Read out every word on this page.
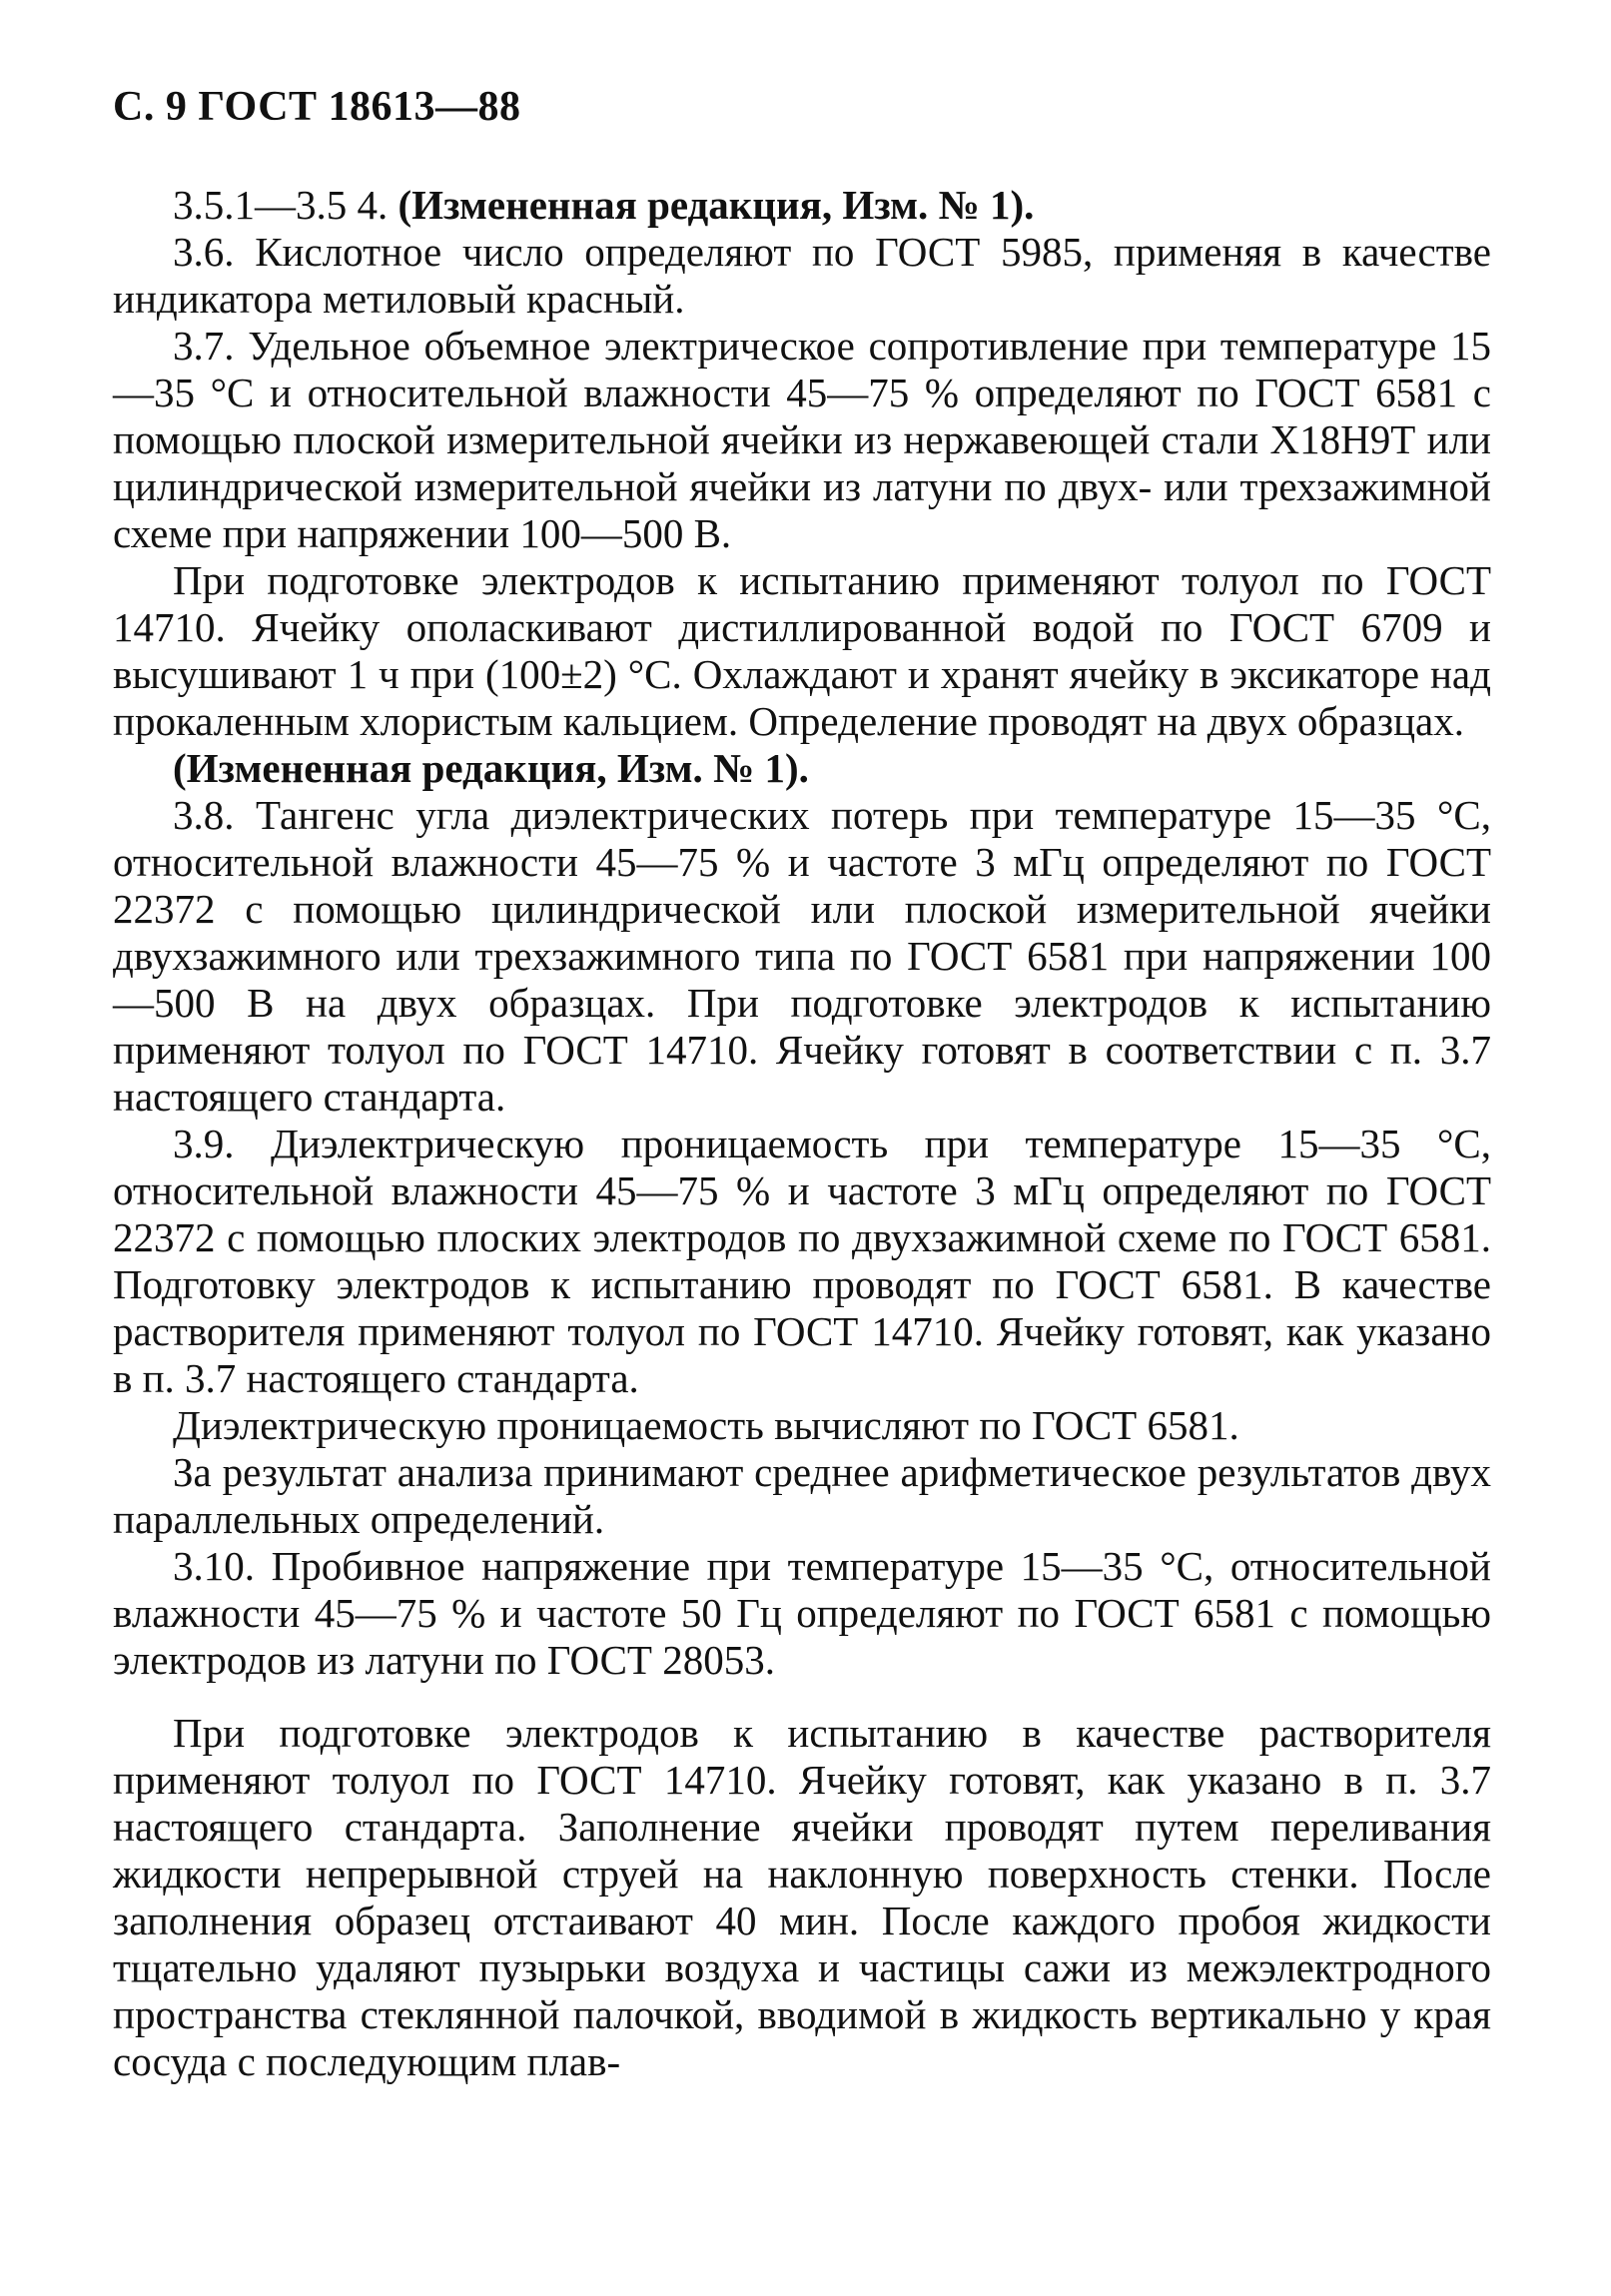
С. 9 ГОСТ 18613—88

3.5.1—3.5 4. (Измененная редакция, Изм. № 1).

3.6. Кислотное число определяют по ГОСТ 5985, применяя в качестве индикатора метиловый красный.

3.7. Удельное объемное электрическое сопротивление при температуре 15—35 °C и относительной влажности 45—75 % определяют по ГОСТ 6581 с помощью плоской измерительной ячейки из нержавеющей стали Х18Н9Т или цилиндрической измерительной ячейки из латуни по двух- или трехзажимной схеме при напряжении 100—500 В.

При подготовке электродов к испытанию применяют толуол по ГОСТ 14710. Ячейку ополаскивают дистиллированной водой по ГОСТ 6709 и высушивают 1 ч при (100±2) °C. Охлаждают и хранят ячейку в эксикаторе над прокаленным хлористым кальцием. Определение проводят на двух образцах.

(Измененная редакция, Изм. № 1).

3.8. Тангенс угла диэлектрических потерь при температуре 15—35 °C, относительной влажности 45—75 % и частоте 3 мГц определяют по ГОСТ 22372 с помощью цилиндрической или плоской измерительной ячейки двухзажимного или трехзажимного типа по ГОСТ 6581 при напряжении 100—500 В на двух образцах. При подготовке электродов к испытанию применяют толуол по ГОСТ 14710. Ячейку готовят в соответствии с п. 3.7 настоящего стандарта.

3.9. Диэлектрическую проницаемость при температуре 15—35 °C, относительной влажности 45—75 % и частоте 3 мГц определяют по ГОСТ 22372 с помощью плоских электродов по двухзажимной схеме по ГОСТ 6581. Подготовку электродов к испытанию проводят по ГОСТ 6581. В качестве растворителя применяют толуол по ГОСТ 14710. Ячейку готовят, как указано в п. 3.7 настоящего стандарта.

Диэлектрическую проницаемость вычисляют по ГОСТ 6581.

За результат анализа принимают среднее арифметическое результатов двух параллельных определений.

3.10. Пробивное напряжение при температуре 15—35 °C, относительной влажности 45—75 % и частоте 50 Гц определяют по ГОСТ 6581 с помощью электродов из латуни по ГОСТ 28053.

При подготовке электродов к испытанию в качестве растворителя применяют толуол по ГОСТ 14710. Ячейку готовят, как указано в п. 3.7 настоящего стандарта. Заполнение ячейки проводят путем переливания жидкости непрерывной струей на наклонную поверхность стенки. После заполнения образец отстаивают 40 мин. После каждого пробоя жидкости тщательно удаляют пузырьки воздуха и частицы сажи из межэлектродного пространства стеклянной палочкой, вводимой в жидкость вертикально у края сосуда с последующим плав-
